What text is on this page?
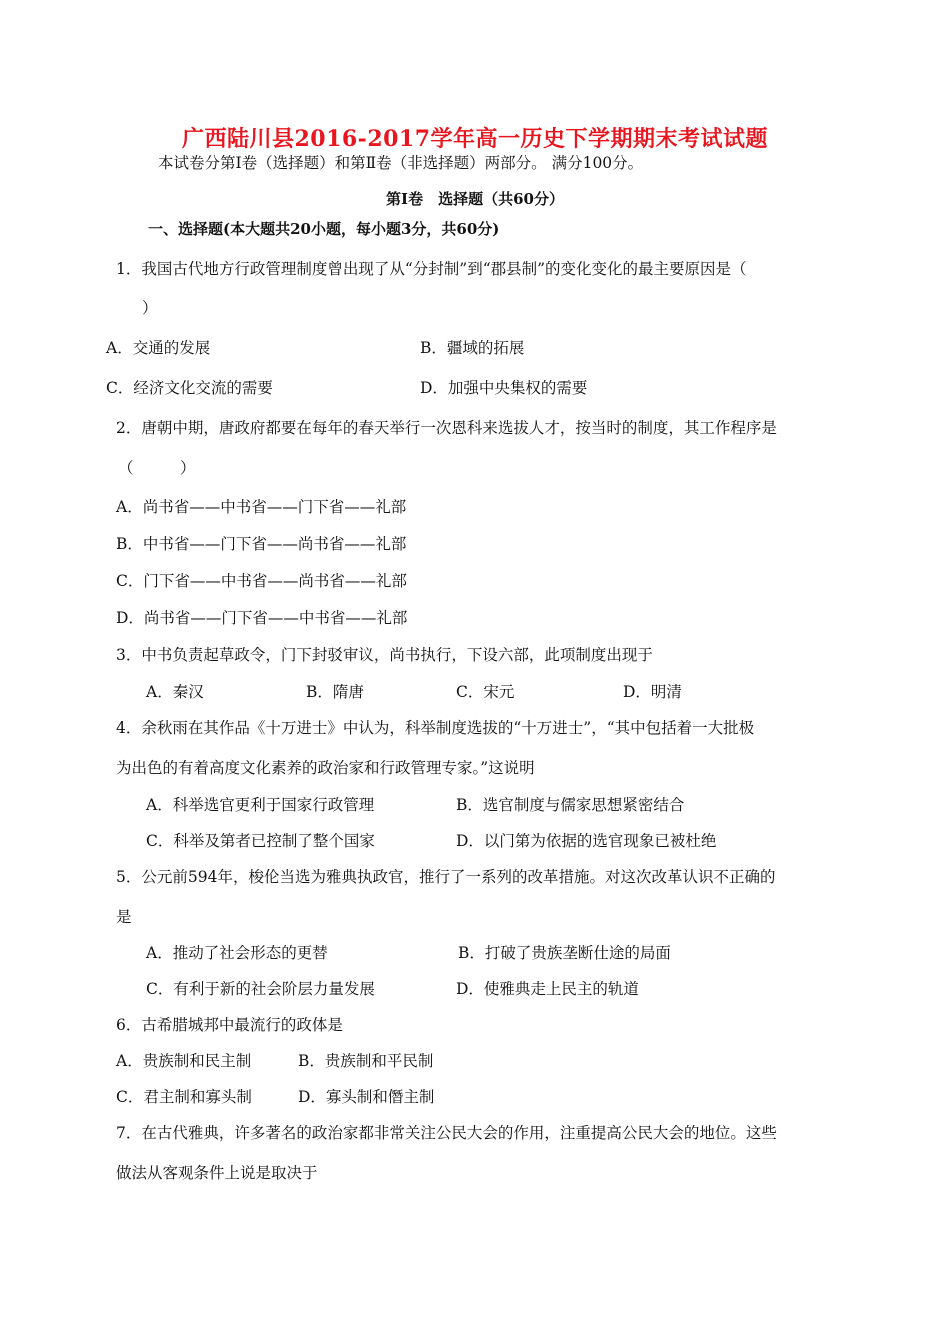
广西陆川县2016-2017学年高一历史下学期期末考试试题
本试卷分第Ⅰ卷（选择题）和第Ⅱ卷（非选择题）两部分。 满分100分。
第Ⅰ卷　选择题（共60分）
一、选择题(本大题共20小题，每小题3分，共60分)
1．我国古代地方行政管理制度曾出现了从“分封制”到“郡县制”的变化变化的最主要原因是（
）
A．交通的发展	B．疆域的拓展
C．经济文化交流的需要	D．加强中央集权的需要
2．唐朝中期，唐政府都要在每年的春天举行一次恩科来选拔人才，按当时的制度，其工作程序是
（　　　）
A．尚书省——中书省——门下省——礼部
B．中书省——门下省——尚书省——礼部
C．门下省——中书省——尚书省——礼部
D．尚书省——门下省——中书省——礼部
3．中书负责起草政令，门下封驳审议，尚书执行，下设六部，此项制度出现于
A．秦汉	B．隋唐	C．宋元	D．明清
4．余秋雨在其作品《十万进士》中认为，科举制度选拔的“十万进士”，“其中包括着一大批极
为出色的有着高度文化素养的政治家和行政管理专家。”这说明
A．科举选官更利于国家行政管理	B．选官制度与儒家思想紧密结合
C．科举及第者已控制了整个国家	D．以门第为依据的选官现象已被杜绝
5．公元前594年，梭伦当选为雅典执政官，推行了一系列的改革措施。对这次改革认识不正确的
是
A．推动了社会形态的更替	B．打破了贵族垄断仕途的局面
C．有利于新的社会阶层力量发展	D．使雅典走上民主的轨道
6．古希腊城邦中最流行的政体是
A．贵族制和民主制	B．贵族制和平民制
C．君主制和寡头制	D．寡头制和僭主制
7．在古代雅典，许多著名的政治家都非常关注公民大会的作用，注重提高公民大会的地位。这些
做法从客观条件上说是取决于
